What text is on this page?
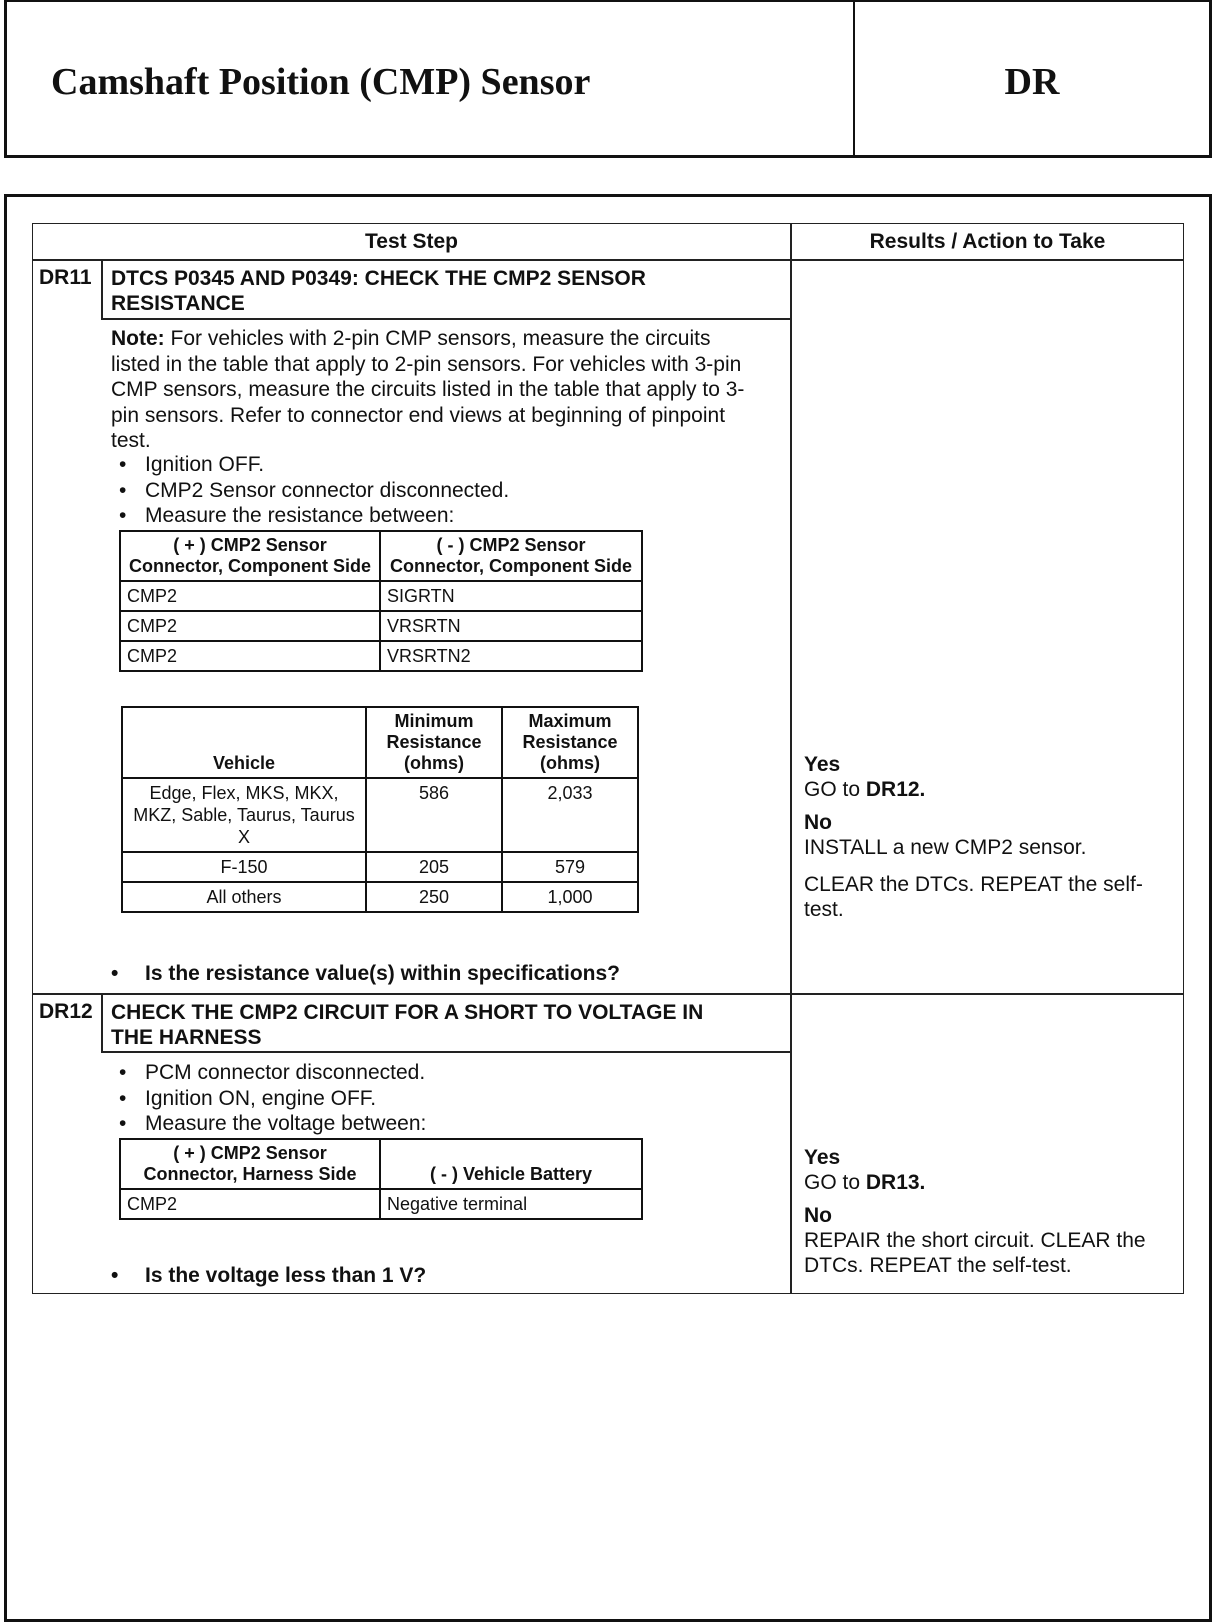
Camshaft Position (CMP) Sensor	DR
Test Step	Results / Action to Take
DR11 DTCS P0345 AND P0349: CHECK THE CMP2 SENSOR RESISTANCE
Note: For vehicles with 2-pin CMP sensors, measure the circuits listed in the table that apply to 2-pin sensors. For vehicles with 3-pin CMP sensors, measure the circuits listed in the table that apply to 3-pin sensors. Refer to connector end views at beginning of pinpoint test.
• Ignition OFF.
• CMP2 Sensor connector disconnected.
• Measure the resistance between:
( + ) CMP2 Sensor Connector, Component Side	( - ) CMP2 Sensor Connector, Component Side
CMP2	SIGRTN
CMP2	VRSRTN
CMP2	VRSRTN2
Vehicle	Minimum Resistance (ohms)	Maximum Resistance (ohms)
Edge, Flex, MKS, MKX, MKZ, Sable, Taurus, Taurus X	586	2,033
F-150	205	579
All others	250	1,000
• Is the resistance value(s) within specifications?
Yes
GO to DR12.
No
INSTALL a new CMP2 sensor.
CLEAR the DTCs. REPEAT the self-test.
DR12 CHECK THE CMP2 CIRCUIT FOR A SHORT TO VOLTAGE IN THE HARNESS
• PCM connector disconnected.
• Ignition ON, engine OFF.
• Measure the voltage between:
( + ) CMP2 Sensor Connector, Harness Side	( - ) Vehicle Battery
CMP2	Negative terminal
• Is the voltage less than 1 V?
Yes
GO to DR13.
No
REPAIR the short circuit. CLEAR the DTCs. REPEAT the self-test.
